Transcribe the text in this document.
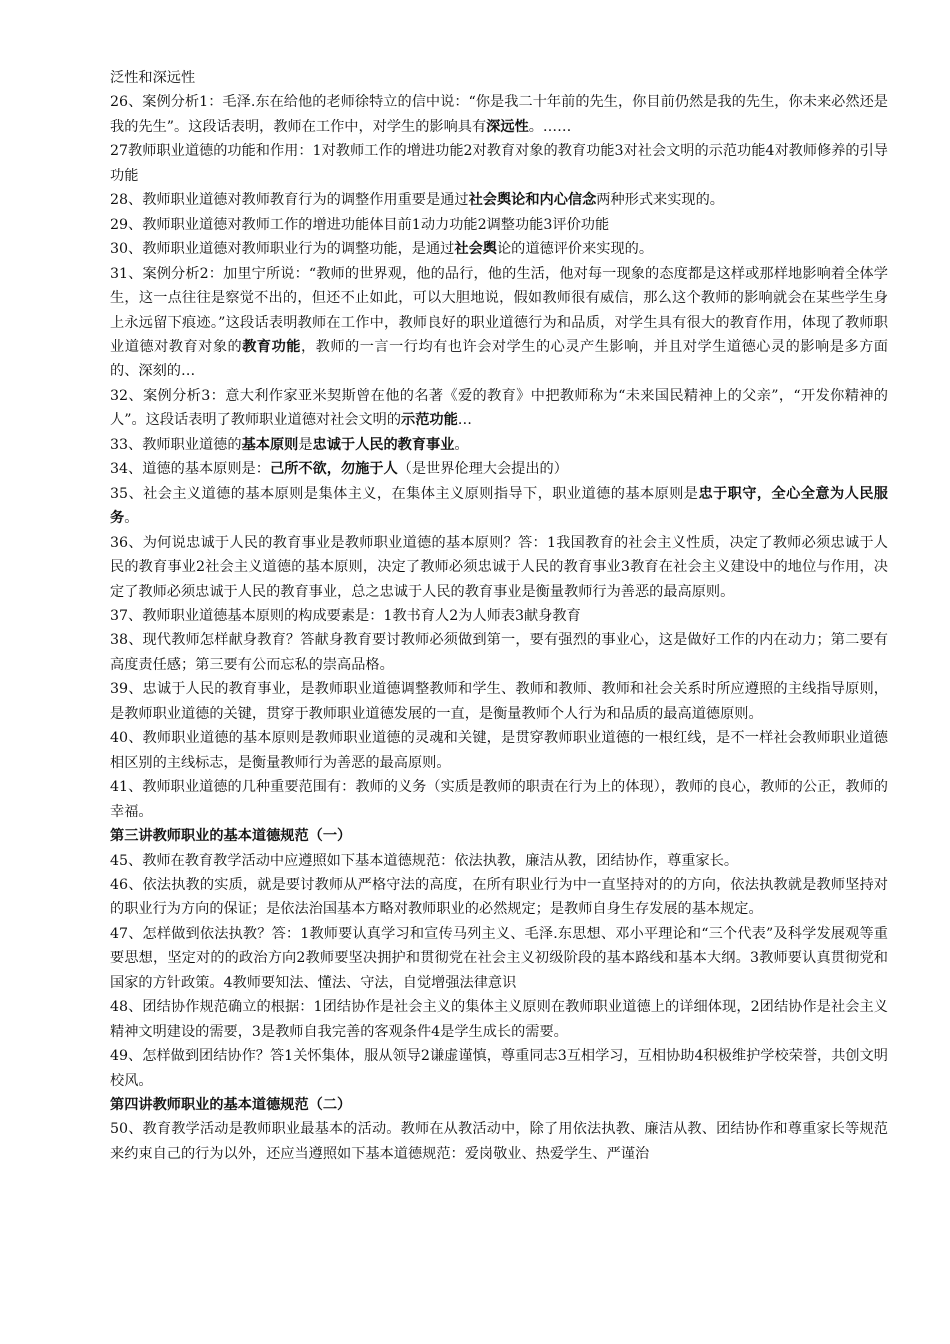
泛性和深远性

26、案例分析1：毛泽.东在给他的老师徐特立的信中说：“你是我二十年前的先生，你目前仍然是我的先生，你未来必然还是我的先生”。这段话表明，教师在工作中，对学生的影响具有深远性。……

27教师职业道德的功能和作用：1对教师工作的增进功能2对教育对象的教育功能3对社会文明的示范功能4对教师修养的引导功能

28、教师职业道德对教师教育行为的调整作用重要是通过社会舆论和内心信念两种形式来实现的。

29、教师职业道德对教师工作的增进功能体目前1动力功能2调整功能3评价功能

30、教师职业道德对教师职业行为的调整功能，是通过社会舆论的道德评价来实现的。

31、案例分析2：加里宁所说：“教师的世界观，他的品行，他的生活，他对每一现象的态度都是这样或那样地影响着全体学生，这一点往往是察觉不出的，但还不止如此，可以大胆地说，假如教师很有威信，那么这个教师的影响就会在某些学生身上永远留下痕迹。”这段话表明教师在工作中，教师良好的职业道德行为和品质，对学生具有很大的教育作用，体现了教师职业道德对教育对象的教育功能，教师的一言一行均有也许会对学生的心灵产生影响，并且对学生道德心灵的影响是多方面的、深刻的…

32、案例分析3：意大利作家亚米契斯曾在他的名著《爱的教育》中把教师称为“未来国民精神上的父亲”，“开发你精神的人”。这段话表明了教师职业道德对社会文明的示范功能…

33、教师职业道德的基本原则是忠诚于人民的教育事业。

34、道德的基本原则是：己所不欲，勿施于人（是世界伦理大会提出的）

35、社会主义道德的基本原则是集体主义，在集体主义原则指导下，职业道德的基本原则是忠于职守，全心全意为人民服务。

36、为何说忠诚于人民的教育事业是教师职业道德的基本原则？答：1我国教育的社会主义性质，决定了教师必须忠诚于人民的教育事业2社会主义道德的基本原则，决定了教师必须忠诚于人民的教育事业3教育在社会主义建设中的地位与作用，决定了教师必须忠诚于人民的教育事业，总之忠诚于人民的教育事业是衡量教师行为善恶的最高原则。

37、教师职业道德基本原则的构成要素是：1教书育人2为人师表3献身教育

38、现代教师怎样献身教育？答献身教育要讨教师必须做到第一，要有强烈的事业心，这是做好工作的内在动力；第二要有高度责任感；第三要有公而忘私的崇高品格。

39、忠诚于人民的教育事业，是教师职业道德调整教师和学生、教师和教师、教师和社会关系时所应遵照的主线指导原则，是教师职业道德的关键，贯穿于教师职业道德发展的一直，是衡量教师个人行为和品质的最高道德原则。

40、教师职业道德的基本原则是教师职业道德的灵魂和关键，是贯穿教师职业道德的一根红线，是不一样社会教师职业道德相区别的主线标志，是衡量教师行为善恶的最高原则。

41、教师职业道德的几种重要范围有：教师的义务（实质是教师的职责在行为上的体现），教师的良心，教师的公正，教师的幸福。

第三讲教师职业的基本道德规范（一）

45、教师在教育教学活动中应遵照如下基本道德规范：依法执教，廉洁从教，团结协作，尊重家长。

46、依法执教的实质，就是要讨教师从严格守法的高度，在所有职业行为中一直坚持对的的方向，依法执教就是教师坚持对的职业行为方向的保证；是依法治国基本方略对教师职业的必然规定；是教师自身生存发展的基本规定。

47、怎样做到依法执教？答：1教师要认真学习和宣传马列主义、毛泽.东思想、邓小平理论和“三个代表”及科学发展观等重要思想，坚定对的的政治方向2教师要坚决拥护和贯彻党在社会主义初级阶段的基本路线和基本大纲。3教师要认真贯彻党和国家的方针政策。4教师要知法、懂法、守法，自觉增强法律意识

48、团结协作规范确立的根据：1团结协作是社会主义的集体主义原则在教师职业道德上的详细体现，2团结协作是社会主义精神文明建设的需要，3是教师自我完善的客观条件4是学生成长的需要。

49、怎样做到团结协作？答1关怀集体，服从领导2谦虚谨慎，尊重同志3互相学习，互相协助4积极维护学校荣誉，共创文明校风。

第四讲教师职业的基本道德规范（二）

50、教育教学活动是教师职业最基本的活动。教师在从教活动中，除了用依法执教、廉洁从教、团结协作和尊重家长等规范来约束自己的行为以外，还应当遵照如下基本道德规范：爱岗敬业、热爱学生、严谨治
